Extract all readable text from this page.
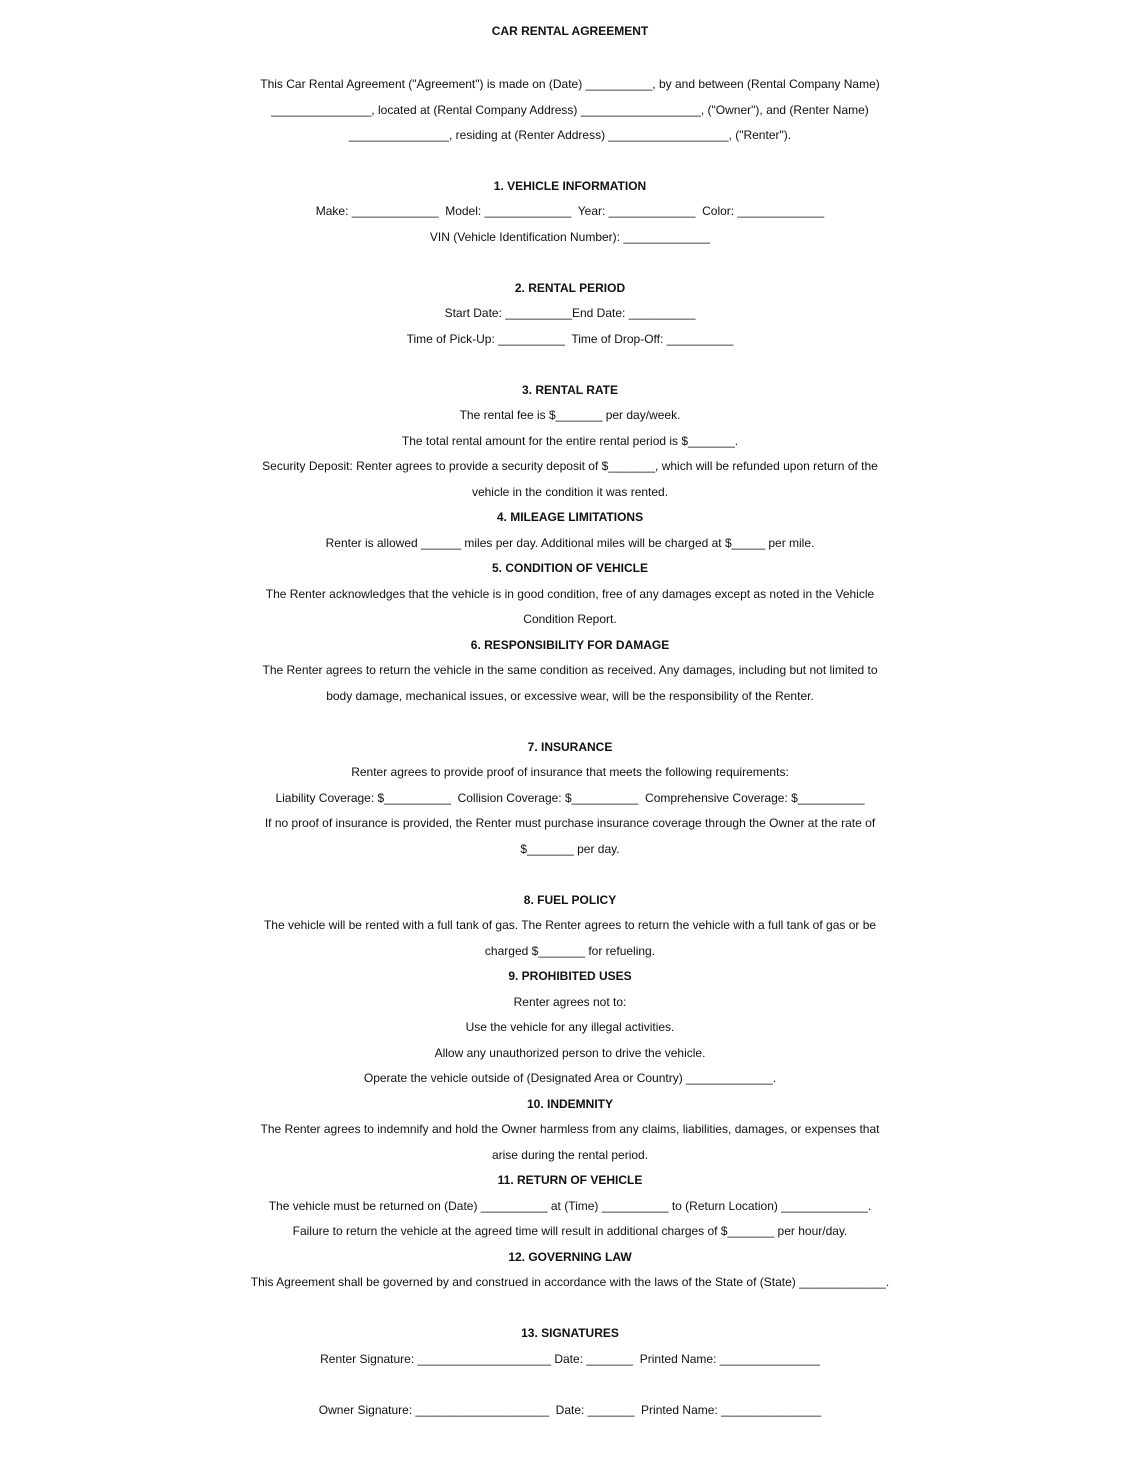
CAR RENTAL AGREEMENT
This Car Rental Agreement ("Agreement") is made on (Date) __________, by and between (Rental Company Name)
_______________, located at (Rental Company Address) __________________, ("Owner"), and (Renter Name)
_______________, residing at (Renter Address) __________________, ("Renter").
1. VEHICLE INFORMATION
Make: _____________  Model: _____________  Year: _____________  Color: _____________
VIN (Vehicle Identification Number): _____________
2. RENTAL PERIOD
Start Date: __________End Date: __________
Time of Pick-Up: __________  Time of Drop-Off: __________
3. RENTAL RATE
The rental fee is $_______ per day/week.
The total rental amount for the entire rental period is $_______.
Security Deposit: Renter agrees to provide a security deposit of $_______, which will be refunded upon return of the
vehicle in the condition it was rented.
4. MILEAGE LIMITATIONS
Renter is allowed ______ miles per day. Additional miles will be charged at $_____ per mile.
5. CONDITION OF VEHICLE
The Renter acknowledges that the vehicle is in good condition, free of any damages except as noted in the Vehicle
Condition Report.
6. RESPONSIBILITY FOR DAMAGE
The Renter agrees to return the vehicle in the same condition as received. Any damages, including but not limited to
body damage, mechanical issues, or excessive wear, will be the responsibility of the Renter.
7. INSURANCE
Renter agrees to provide proof of insurance that meets the following requirements:
Liability Coverage: $__________  Collision Coverage: $__________  Comprehensive Coverage: $__________
If no proof of insurance is provided, the Renter must purchase insurance coverage through the Owner at the rate of
$_______ per day.
8. FUEL POLICY
The vehicle will be rented with a full tank of gas. The Renter agrees to return the vehicle with a full tank of gas or be
charged $_______ for refueling.
9. PROHIBITED USES
Renter agrees not to:
Use the vehicle for any illegal activities.
Allow any unauthorized person to drive the vehicle.
Operate the vehicle outside of (Designated Area or Country) _____________.
10. INDEMNITY
The Renter agrees to indemnify and hold the Owner harmless from any claims, liabilities, damages, or expenses that
arise during the rental period.
11. RETURN OF VEHICLE
The vehicle must be returned on (Date) __________ at (Time) __________ to (Return Location) _____________.
Failure to return the vehicle at the agreed time will result in additional charges of $_______ per hour/day.
12. GOVERNING LAW
This Agreement shall be governed by and construed in accordance with the laws of the State of (State) _____________.
13. SIGNATURES
Renter Signature: ____________________ Date: _______  Printed Name: _______________
Owner Signature: ____________________  Date: _______  Printed Name: _______________
